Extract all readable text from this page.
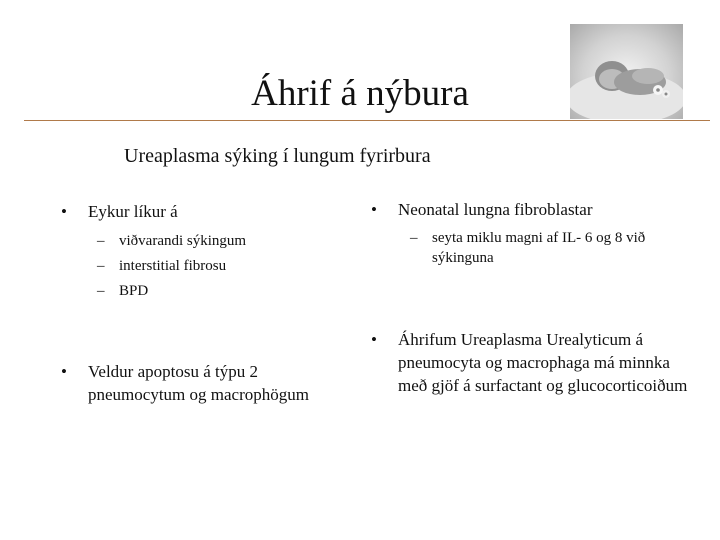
Áhrif á nýbura
Ureaplasma sýking í lungum fyrirbura
• Eykur líkur á
– viðvarandi sýkingum
– interstitial fibrosu
– BPD
• Veldur apoptosu á týpu 2 pneumocytum og macrophögum
• Neonatal lungna fibroblastar
– seyta miklu magni af IL- 6 og 8 við sýkinguna
• Áhrifum Ureaplasma Urealyticum á pneumocyta og macrophaga má minnka með gjöf á surfactant og glucocorticoiðum
